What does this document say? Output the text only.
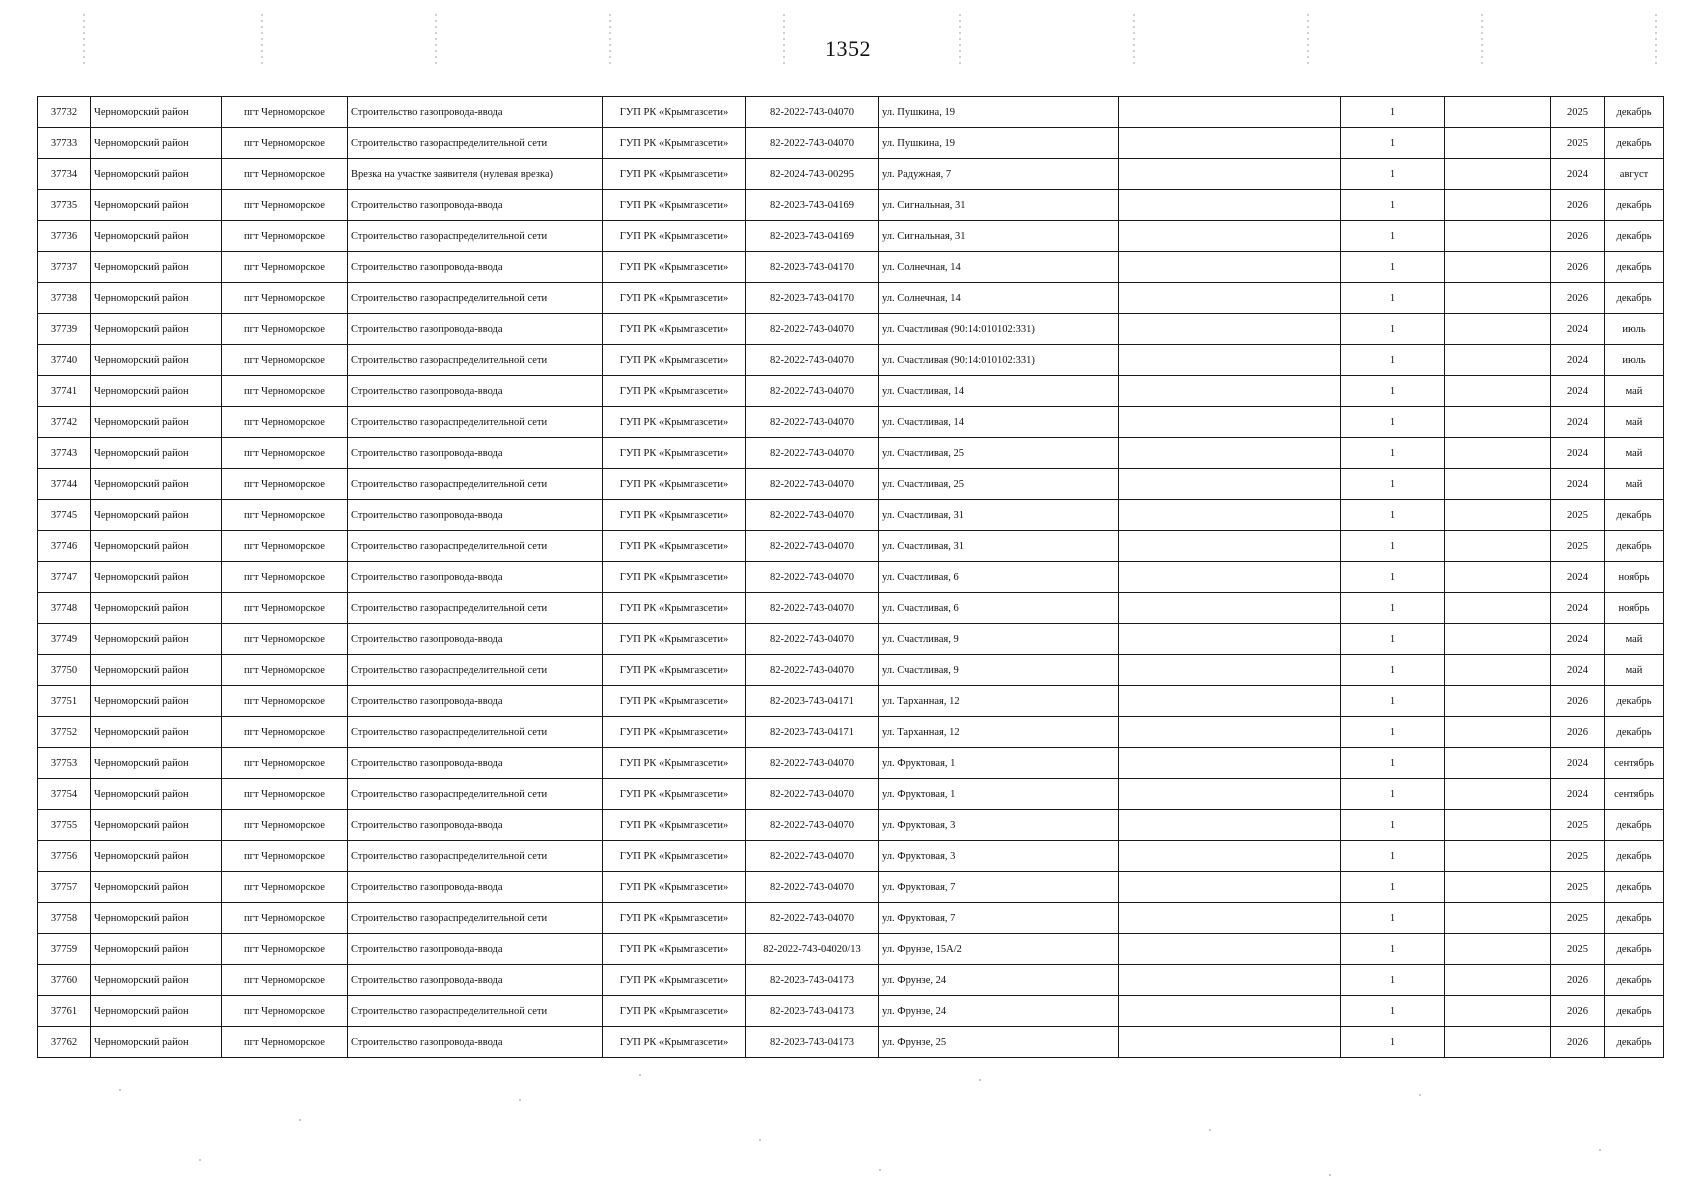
1352
37732	Черноморский район	пгт Черноморское	Строительство газопровода-ввода	ГУП РК «Крымгазсети»	82-2022-743-04070	ул. Пушкина, 19		1		2025	декабрь
37733	Черноморский район	пгт Черноморское	Строительство газораспределительной сети	ГУП РК «Крымгазсети»	82-2022-743-04070	ул. Пушкина, 19		1		2025	декабрь
37734	Черноморский район	пгт Черноморское	Врезка на участке заявителя (нулевая врезка)	ГУП РК «Крымгазсети»	82-2024-743-00295	ул. Радужная, 7		1		2024	август
37735	Черноморский район	пгт Черноморское	Строительство газопровода-ввода	ГУП РК «Крымгазсети»	82-2023-743-04169	ул. Сигнальная, 31		1		2026	декабрь
37736	Черноморский район	пгт Черноморское	Строительство газораспределительной сети	ГУП РК «Крымгазсети»	82-2023-743-04169	ул. Сигнальная, 31		1		2026	декабрь
37737	Черноморский район	пгт Черноморское	Строительство газопровода-ввода	ГУП РК «Крымгазсети»	82-2023-743-04170	ул. Солнечная, 14		1		2026	декабрь
37738	Черноморский район	пгт Черноморское	Строительство газораспределительной сети	ГУП РК «Крымгазсети»	82-2023-743-04170	ул. Солнечная, 14		1		2026	декабрь
37739	Черноморский район	пгт Черноморское	Строительство газопровода-ввода	ГУП РК «Крымгазсети»	82-2022-743-04070	ул. Счастливая (90:14:010102:331)		1		2024	июль
37740	Черноморский район	пгт Черноморское	Строительство газораспределительной сети	ГУП РК «Крымгазсети»	82-2022-743-04070	ул. Счастливая (90:14:010102:331)		1		2024	июль
37741	Черноморский район	пгт Черноморское	Строительство газопровода-ввода	ГУП РК «Крымгазсети»	82-2022-743-04070	ул. Счастливая, 14		1		2024	май
37742	Черноморский район	пгт Черноморское	Строительство газораспределительной сети	ГУП РК «Крымгазсети»	82-2022-743-04070	ул. Счастливая, 14		1		2024	май
37743	Черноморский район	пгт Черноморское	Строительство газопровода-ввода	ГУП РК «Крымгазсети»	82-2022-743-04070	ул. Счастливая, 25		1		2024	май
37744	Черноморский район	пгт Черноморское	Строительство газораспределительной сети	ГУП РК «Крымгазсети»	82-2022-743-04070	ул. Счастливая, 25		1		2024	май
37745	Черноморский район	пгт Черноморское	Строительство газопровода-ввода	ГУП РК «Крымгазсети»	82-2022-743-04070	ул. Счастливая, 31		1		2025	декабрь
37746	Черноморский район	пгт Черноморское	Строительство газораспределительной сети	ГУП РК «Крымгазсети»	82-2022-743-04070	ул. Счастливая, 31		1		2025	декабрь
37747	Черноморский район	пгт Черноморское	Строительство газопровода-ввода	ГУП РК «Крымгазсети»	82-2022-743-04070	ул. Счастливая, 6		1		2024	ноябрь
37748	Черноморский район	пгт Черноморское	Строительство газораспределительной сети	ГУП РК «Крымгазсети»	82-2022-743-04070	ул. Счастливая, 6		1		2024	ноябрь
37749	Черноморский район	пгт Черноморское	Строительство газопровода-ввода	ГУП РК «Крымгазсети»	82-2022-743-04070	ул. Счастливая, 9		1		2024	май
37750	Черноморский район	пгт Черноморское	Строительство газораспределительной сети	ГУП РК «Крымгазсети»	82-2022-743-04070	ул. Счастливая, 9		1		2024	май
37751	Черноморский район	пгт Черноморское	Строительство газопровода-ввода	ГУП РК «Крымгазсети»	82-2023-743-04171	ул. Тарханная, 12		1		2026	декабрь
37752	Черноморский район	пгт Черноморское	Строительство газораспределительной сети	ГУП РК «Крымгазсети»	82-2023-743-04171	ул. Тарханная, 12		1		2026	декабрь
37753	Черноморский район	пгт Черноморское	Строительство газопровода-ввода	ГУП РК «Крымгазсети»	82-2022-743-04070	ул. Фруктовая, 1		1		2024	сентябрь
37754	Черноморский район	пгт Черноморское	Строительство газораспределительной сети	ГУП РК «Крымгазсети»	82-2022-743-04070	ул. Фруктовая, 1		1		2024	сентябрь
37755	Черноморский район	пгт Черноморское	Строительство газопровода-ввода	ГУП РК «Крымгазсети»	82-2022-743-04070	ул. Фруктовая, 3		1		2025	декабрь
37756	Черноморский район	пгт Черноморское	Строительство газораспределительной сети	ГУП РК «Крымгазсети»	82-2022-743-04070	ул. Фруктовая, 3		1		2025	декабрь
37757	Черноморский район	пгт Черноморское	Строительство газопровода-ввода	ГУП РК «Крымгазсети»	82-2022-743-04070	ул. Фруктовая, 7		1		2025	декабрь
37758	Черноморский район	пгт Черноморское	Строительство газораспределительной сети	ГУП РК «Крымгазсети»	82-2022-743-04070	ул. Фруктовая, 7		1		2025	декабрь
37759	Черноморский район	пгт Черноморское	Строительство газопровода-ввода	ГУП РК «Крымгазсети»	82-2022-743-04020/13	ул. Фрунзе, 15А/2		1		2025	декабрь
37760	Черноморский район	пгт Черноморское	Строительство газопровода-ввода	ГУП РК «Крымгазсети»	82-2023-743-04173	ул. Фрунзе, 24		1		2026	декабрь
37761	Черноморский район	пгт Черноморское	Строительство газораспределительной сети	ГУП РК «Крымгазсети»	82-2023-743-04173	ул. Фрунзе, 24		1		2026	декабрь
37762	Черноморский район	пгт Черноморское	Строительство газопровода-ввода	ГУП РК «Крымгазсети»	82-2023-743-04173	ул. Фрунзе, 25		1		2026	декабрь
